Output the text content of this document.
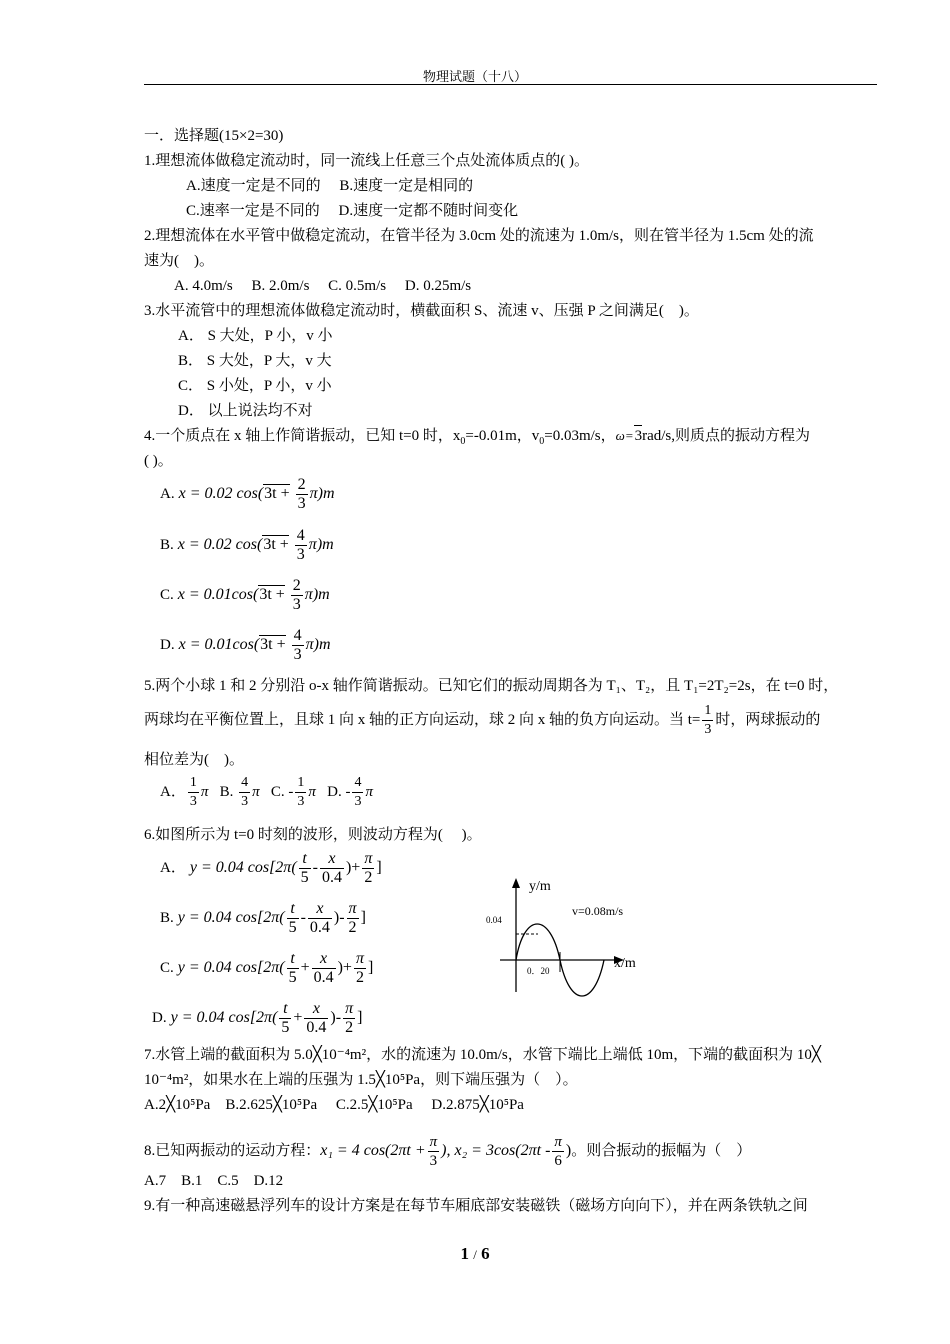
物理试题（十八）
一．选择题(15×2=30)
1.理想流体做稳定流动时，同一流线上任意三个点处流体质点的( )。
A.速度一定是不同的　 B.速度一定是相同的
C.速率一定是不同的　 D.速度一定都不随时间变化
2.理想流体在水平管中做稳定流动，在管半径为 3.0cm 处的流速为 1.0m/s，则在管半径为 1.5cm 处的流
速为(　)。
A. 4.0m/s　 B. 2.0m/s　 C. 0.5m/s　 D. 0.25m/s
3.水平流管中的理想流体做稳定流动时，横截面积 S、流速 v、压强 P 之间满足(　)。
A． S 大处，P 小，v 小
B． S 大处，P 大，v 大
C． S 小处，P 小，v 小
D． 以上说法均不对
4.一个质点在 x 轴上作简谐振动，已知 t=0 时，$x_0=-0.01m$，$v_0=0.03m/s$，ω=3rad/s,则质点的振动方程为
( )。
A. x = 0.02 $\cos(3t + \frac{2}{3} \pi)m$
B. x = 0.02 $\cos(3t + \frac{4}{3} \pi)m$
C. $x = 0.01\cos(3t + \frac{2}{3} \pi)m$
D. $x = 0.01\cos(3t + \frac{4}{3} \pi)m$
5.两个小球 1 和 2 分别沿 o-x 轴作简谐振动。已知它们的振动周期各为 T₁、T₂，且 T₁=2T₂=2s，在 t=0 时，
两球均在平衡位置上，且球 1 向 x 轴的正方向运动，球 2 向 x 轴的负方向运动。当 $t= \frac{1}{3}$ 时，两球振动的
相位差为(　)。
A． $\frac{1}{3}$ π B. $\frac{4}{3}$ π C. - $\frac{1}{3}$ π D. - $\frac{4}{3}$ π
6.如图所示为 t=0 时刻的波形，则波动方程为(　 )。
A． y = 0.04 $\cos[2\pi( \frac{t}{5} - \frac{x}{0.4}$ )+ $\frac{\pi}{2}$ ]
B. y = 0.04 $\cos[2\pi( \frac{t}{5} - \frac{x}{0.4}$ )- $\frac{\pi}{2}$ ]
C. y = 0.04 $\cos[2\pi( \frac{t}{5} + \frac{x}{0.4}$ )+ $\frac{\pi}{2}$ ]
D. y = 0.04 $\cos[2\pi( \frac{t}{5} + \frac{x}{0.4}$ )- $\frac{\pi}{2}$ ]
y/m
x/m
0.04
v=0.08m/s
0．20
7.水管上端的截面积为 5.0╳10⁻⁴m²，水的流速为 10.0m/s，水管下端比上端低 10m，下端的截面积为 10╳
10⁻⁴m²，如果水在上端的压强为 1.5╳10⁵Pa，则下端压强为（　）。
A.2╳10⁵Pa　B.2.625╳10⁵Pa　 C.2.5╳10⁵Pa　 D.2.875╳10⁵Pa
8.已知两振动的运动方程：x₁ = 4 $\cos(2\pi t + \frac{\pi}{3}$ ), $x_2 = 3\cos(2\pi t - \frac{\pi}{6}$ )。则合振动的振幅为（　）
A.7　B.1　C.5　D.12
9.有一种高速磁悬浮列车的设计方案是在每节车厢底部安装磁铁（磁场方向向下），并在两条铁轨之间
1 / 6
